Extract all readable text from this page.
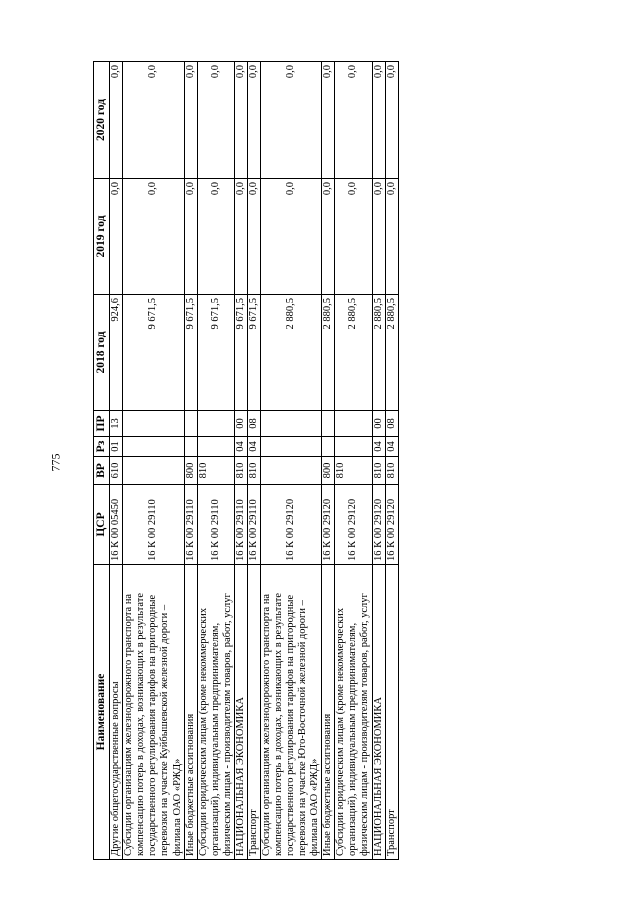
775
Наименование	ЦСР	ВР	Рз	ПР	2018 год	2019 год	2020 год
Другие общегосударственные вопросы	16 К 00 05450	610	01	13	924,6	0,0	0,0
Субсидии организациям железнодорожного транспорта на компенсацию потерь в доходах, возникающих в результате государственного регулирования тарифов на пригородные перевозки на участке Куйбышевской железной дороги – филиала ОАО «РЖД»	16 К 00 29110				9 671,5	0,0	0,0
Иные бюджетные ассигнования	16 К 00 29110	800			9 671,5	0,0	0,0
Субсидии юридическим лицам (кроме некоммерческих организаций), индивидуальным предпринимателям, физическим лицам - производителям товаров, работ, услуг	16 К 00 29110	810			9 671,5	0,0	0,0
НАЦИОНАЛЬНАЯ ЭКОНОМИКА	16 К 00 29110	810	04	00	9 671,5	0,0	0,0
Транспорт	16 К 00 29110	810	04	08	9 671,5	0,0	0,0
Субсидии организациям железнодорожного транспорта на компенсацию потерь в доходах, возникающих в результате государственного регулирования тарифов на пригородные перевозки на участке Юго-Восточной железной дороги – филиала ОАО «РЖД»	16 К 00 29120				2 880,5	0,0	0,0
Иные бюджетные ассигнования	16 К 00 29120	800			2 880,5	0,0	0,0
Субсидии юридическим лицам (кроме некоммерческих организаций), индивидуальным предпринимателям, физическим лицам - производителям товаров, работ, услуг	16 К 00 29120	810			2 880,5	0,0	0,0
НАЦИОНАЛЬНАЯ ЭКОНОМИКА	16 К 00 29120	810	04	00	2 880,5	0,0	0,0
Транспорт	16 К 00 29120	810	04	08	2 880,5	0,0	0,0
